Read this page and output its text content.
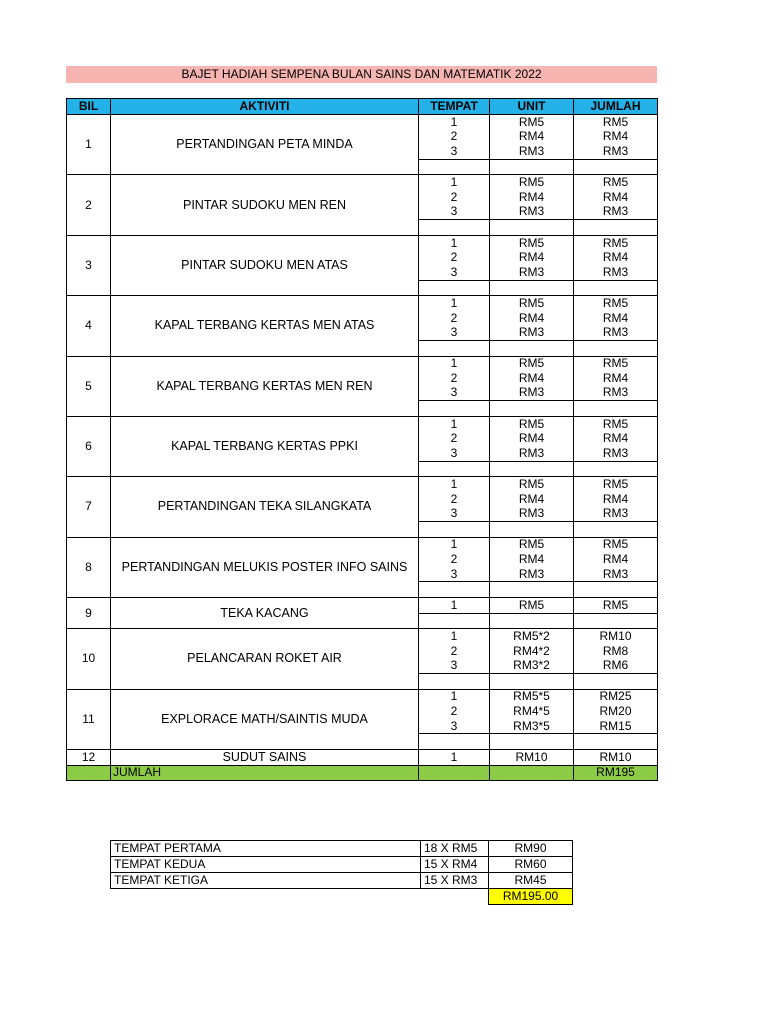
BAJET HADIAH SEMPENA BULAN SAINS DAN MATEMATIK 2022
BIL	AKTIVITI	TEMPAT	UNIT	JUMLAH
1	PERTANDINGAN PETA MINDA	1	RM5	RM5
		2	RM4	RM4
		3	RM3	RM3

2	PINTAR SUDOKU MEN REN	1	RM5	RM5
		2	RM4	RM4
		3	RM3	RM3

3	PINTAR SUDOKU MEN ATAS	1	RM5	RM5
		2	RM4	RM4
		3	RM3	RM3

4	KAPAL TERBANG KERTAS MEN ATAS	1	RM5	RM5
		2	RM4	RM4
		3	RM3	RM3

5	KAPAL TERBANG KERTAS MEN REN	1	RM5	RM5
		2	RM4	RM4
		3	RM3	RM3

6	KAPAL TERBANG KERTAS PPKI	1	RM5	RM5
		2	RM4	RM4
		3	RM3	RM3

7	PERTANDINGAN TEKA SILANGKATA	1	RM5	RM5
		2	RM4	RM4
		3	RM3	RM3

8	PERTANDINGAN MELUKIS POSTER INFO SAINS	1	RM5	RM5
		2	RM4	RM4
		3	RM3	RM3

9	TEKA KACANG	1	RM5	RM5

10	PELANCARAN ROKET AIR	1	RM5*2	RM10
		2	RM4*2	RM8
		3	RM3*2	RM6

11	EXPLORACE MATH/SAINTIS MUDA	1	RM5*5	RM25
		2	RM4*5	RM20
		3	RM3*5	RM15

12	SUDUT SAINS	1	RM10	RM10
	JUMLAH			RM195
TEMPAT PERTAMA	18 X RM5	RM90
TEMPAT KEDUA	15 X RM4	RM60
TEMPAT KETIGA	15 X RM3	RM45
		RM195.00
